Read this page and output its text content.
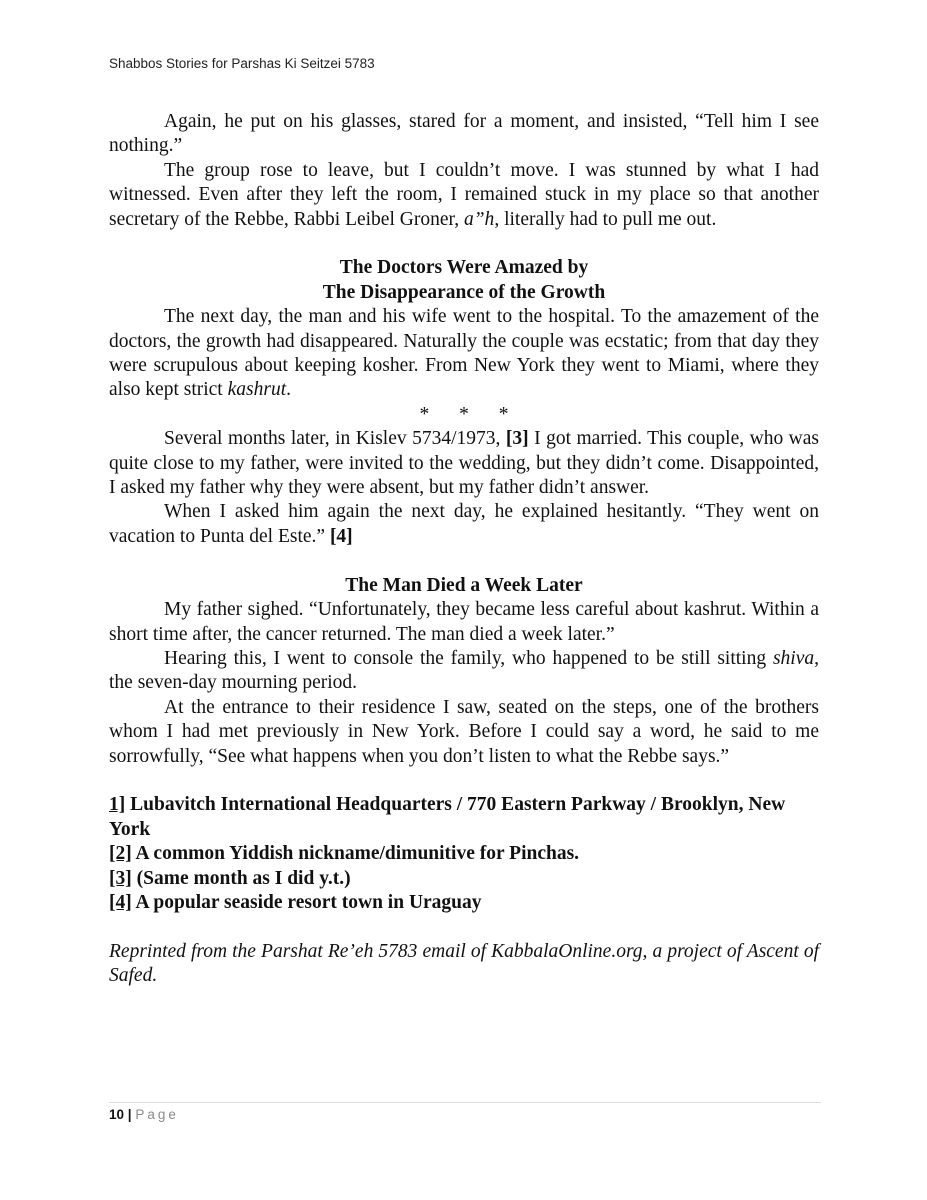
Shabbos Stories for Parshas Ki Seitzei 5783

Again, he put on his glasses, stared for a moment, and insisted, “Tell him I see nothing.”

The group rose to leave, but I couldn’t move. I was stunned by what I had witnessed. Even after they left the room, I remained stuck in my place so that another secretary of the Rebbe, Rabbi Leibel Groner, a”h, literally had to pull me out.

The Doctors Were Amazed by

The Disappearance of the Growth

The next day, the man and his wife went to the hospital. To the amazement of the doctors, the growth had disappeared. Naturally the couple was ecstatic; from that day they were scrupulous about keeping kosher. From New York they went to Miami, where they also kept strict kashrut.

* * *

Several months later, in Kislev 5734/1973, [3] I got married. This couple, who was quite close to my father, were invited to the wedding, but they didn’t come. Disappointed, I asked my father why they were absent, but my father didn’t answer.

When I asked him again the next day, he explained hesitantly. “They went on vacation to Punta del Este.” [4]

The Man Died a Week Later

My father sighed. “Unfortunately, they became less careful about kashrut. Within a short time after, the cancer returned. The man died a week later.”

Hearing this, I went to console the family, who happened to be still sitting shiva, the seven-day mourning period.

At the entrance to their residence I saw, seated on the steps, one of the brothers whom I had met previously in New York. Before I could say a word, he said to me sorrowfully, “See what happens when you don’t listen to what the Rebbe says.”

1] Lubavitch International Headquarters / 770 Eastern Parkway / Brooklyn, New York

[2] A common Yiddish nickname/dimunitive for Pinchas.

[3] (Same month as I did y.t.)

[4] A popular seaside resort town in Uraguay

Reprinted from the Parshat Re’eh 5783 email of KabbalaOnline.org, a project of Ascent of Safed.

10 | Page
